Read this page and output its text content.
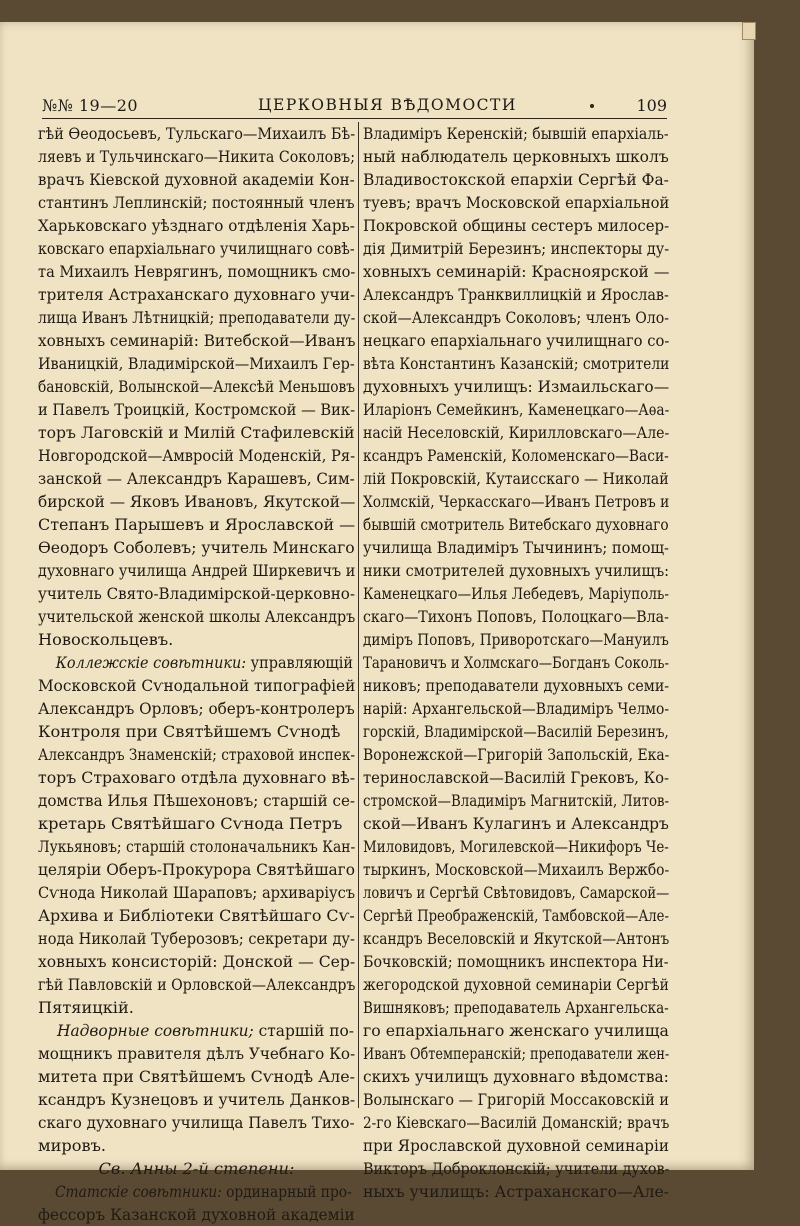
№№ 19—20	ЦЕРКОВНЫЯ ВѢДОМОСТИ	109
гѣй Ѳеодосьевъ, Тульскаго—Михаилъ Бѣ-
ляевъ и Тульчинскаго—Никита Соколовъ;
врачъ Кіевской духовной академіи Кон-
стантинъ Леплинскій; постоянный членъ
Харьковскаго уѣзднаго отдѣленія Харь-
ковскаго епархіальнаго училищнаго совѣ-
та Михаилъ Неврягинъ, помощникъ смо-
трителя Астраханскаго духовнаго учи-
лища Иванъ Лѣтницкій; преподаватели ду-
ховныхъ семинарій: Витебской—Иванъ
Иваницкій, Владимірской—Михаилъ Гер-
бановскій, Волынской—Алексѣй Меньшовъ
и Павелъ Троицкій, Костромской — Вик-
торъ Лаговскій и Милій Стафилевскій
Новгородской—Амвросій Моденскій, Ря-
занской — Александръ Карашевъ, Сим-
бирской — Яковъ Ивановъ, Якутской—
Степанъ Парышевъ и Ярославской —
Ѳеодоръ Соболевъ; учитель Минскаго
духовнаго училища Андрей Ширкевичъ и
учитель Свято-Владимірской-церковно-
учительской женской школы Александръ
Новоскольцевъ.
Коллежскіе совѣтники: управляющій
Московской Сѵнодальной типографіей
Александръ Орловъ; оберъ-контролеръ
Контроля при Святѣйшемъ Сѵнодѣ
Александръ Знаменскій; страховой инспек-
торъ Страховаго отдѣла духовнаго вѣ-
домства Илья Пѣшехоновъ; старшій се-
кретарь Святѣйшаго Сѵнода Петръ
Лукьяновъ; старшій столоначальникъ Кан-
целяріи Оберъ-Прокурора Святѣйшаго
Сѵнода Николай Шараповъ; архиваріусъ
Архива и Библіотеки Святѣйшаго Сѵ-
нода Николай Туберозовъ; секретари ду-
ховныхъ консисторій: Донской — Сер-
гѣй Павловскій и Орловской—Александръ
Пятяицкій.
Надворные совѣтники; старшій по-
мощникъ правителя дѣлъ Учебнаго Ко-
митета при Святѣйшемъ Сѵнодѣ Але-
ксандръ Кузнецовъ и учитель Данков-
скаго духовнаго училища Павелъ Тихо-
мировъ.
Св. Анны 2-й степени:
Статскіе совѣтники: ординарный про-
фессоръ Казанской духовной академіи
Владиміръ Керенскій; бывшій епархіаль-
ный наблюдатель церковныхъ школъ
Владивостокской епархіи Сергѣй Фа-
туевъ; врачъ Московской епархіальной
Покровской общины сестеръ милосер-
дія Димитрій Березинъ; инспекторы ду-
ховныхъ семинарій: Красноярской —
Александръ Транквиллицкій и Ярослав-
ской—Александръ Соколовъ; членъ Оло-
нецкаго епархіальнаго училищнаго со-
вѣта Константинъ Казанскій; смотрители
духовныхъ училищъ: Измаильскаго—
Иларіонъ Семейкинъ, Каменецкаго—Аѳа-
насій Неселовскій, Кирилловскаго—Але-
ксандръ Раменскій, Коломенскаго—Васи-
лій Покровскій, Кутаисскаго — Николай
Холмскій, Черкасскаго—Иванъ Петровъ и
бывшій смотритель Витебскаго духовнаго
училища Владиміръ Тычининъ; помощ-
ники смотрителей духовныхъ училищъ:
Каменецкаго—Илья Лебедевъ, Маріуполь-
скаго—Тихонъ Поповъ, Полоцкаго—Вла-
диміръ Поповъ, Приворотскаго—Мануилъ
Тарановичъ и Холмскаго—Богданъ Соколь-
никовъ; преподаватели духовныхъ семи-
нарій: Архангельской—Владиміръ Челмо-
горскій, Владимірской—Василій Березинъ,
Воронежской—Григорій Запольскій, Ека-
теринославской—Василій Грековъ, Ко-
стромской—Владиміръ Магнитскій, Литов-
ской—Иванъ Кулагинъ и Александръ
Миловидовъ, Могилевской—Никифоръ Че-
тыркинъ, Московской—Михаилъ Вержбо-
ловичъ и Сергѣй Свѣтовидовъ, Самарской—
Сергѣй Преображенскій, Тамбовской—Але-
ксандръ Веселовскій и Якутской—Антонъ
Бочковскій; помощникъ инспектора Ни-
жегородской духовной семинаріи Сергѣй
Вишняковъ; преподаватель Архангельска-
го епархіальнаго женскаго училища
Иванъ Обтемперанскій; преподаватели жен-
скихъ училищъ духовнаго вѣдомства:
Волынскаго — Григорій Моссаковскій и
2-го Кіевскаго—Василій Доманскій; врачъ
при Ярославской духовной семинаріи
Викторъ Доброклонскій; учители духов-
ныхъ училищъ: Астраханскаго—Але-
